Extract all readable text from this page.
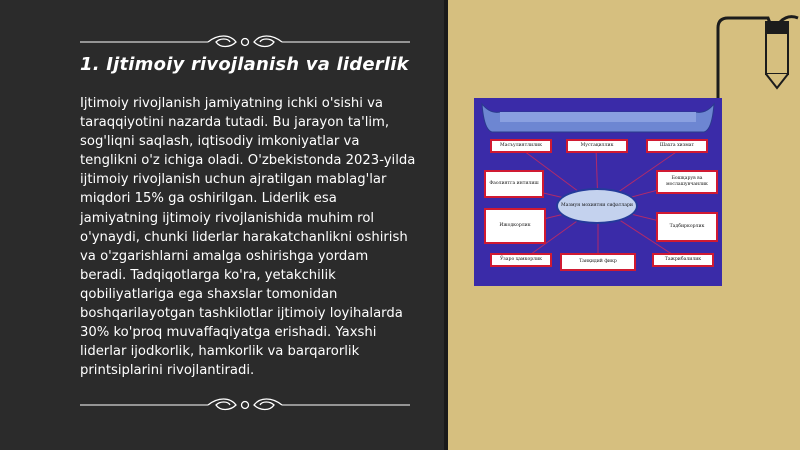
1. Ijtimoiy rivojlanish va liderlik
Ijtimoiy rivojlanish jamiyatning ichki o'sishi va taraqqiyotini nazarda tutadi. Bu jarayon ta'lim, sog'liqni saqlash, iqtisodiy imkoniyatlar va tenglikni o'z ichiga oladi. O'zbekistonda 2023-yilda ijtimoiy rivojlanish uchun ajratilgan mablag'lar miqdori 15% ga oshirilgan. Liderlik esa jamiyatning ijtimoiy rivojlanishida muhim rol o'ynaydi, chunki liderlar harakatchanlikni oshirish va o'zgarishlarni amalga oshirishga yordam beradi. Tadqiqotlarga ko'ra, yetakchilik qobiliyatlariga ega shaxslar tomonidan boshqarilayotgan tashkilotlar ijtimoiy loyihalarda 30% ko'proq muvaffaqiyatga erishadi. Yaxshi liderlar ijodkorlik, hamkorlik va barqarorlik printsiplarini rivojlantiradi.
Масъулиятлилик	Мустақиллик	Шахга хизмат
Фаолиятга интилиш
Бошқарув ва мослашувчанлик
Ижодкорлик	Тадбиркорлик
Мазмун мохиятни сифатлари
Ўзаро ҳамкорлик	Танқидий фикр	Тажрибалилик
